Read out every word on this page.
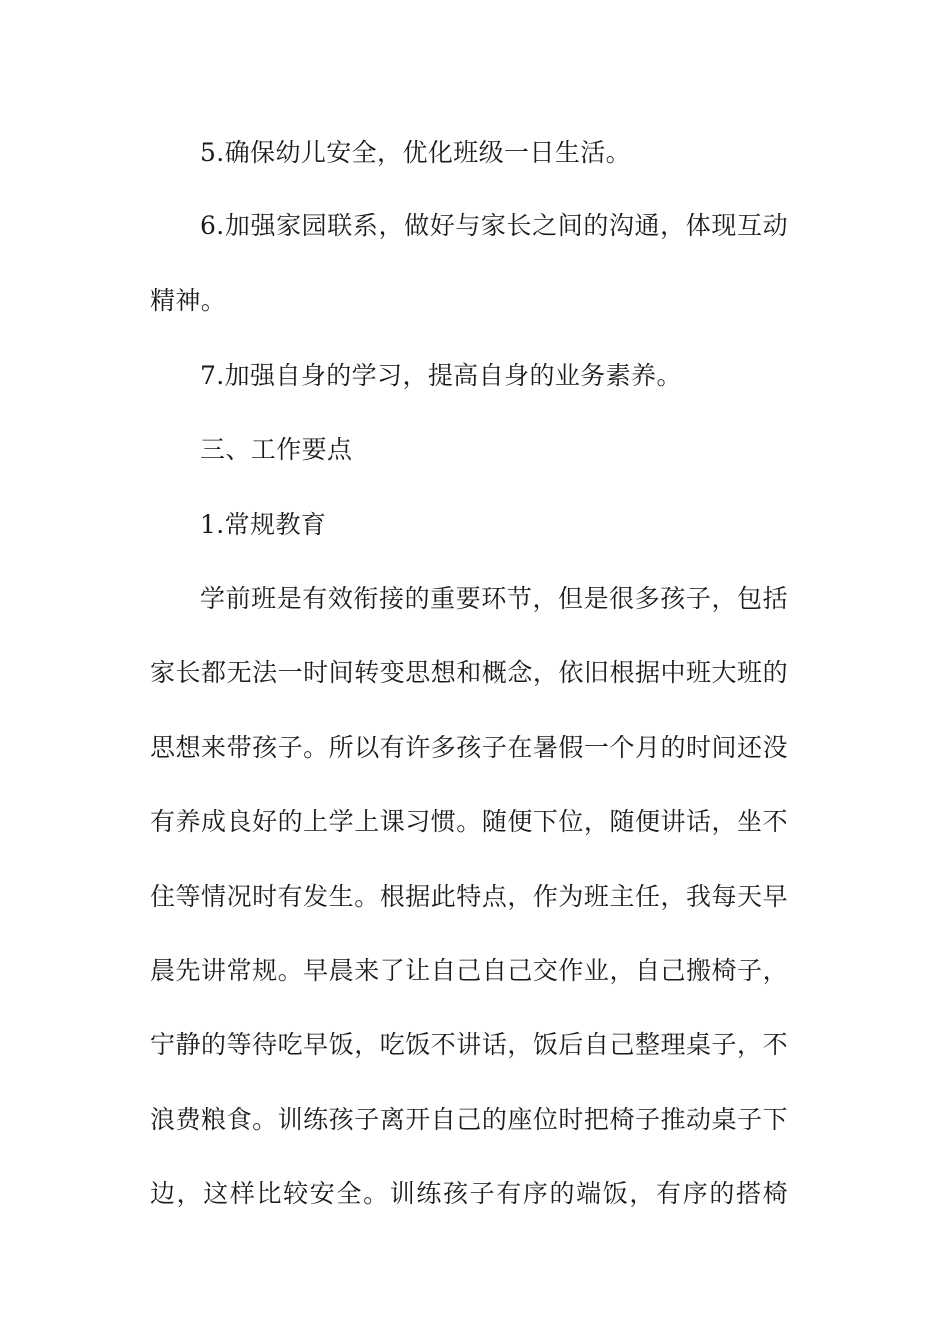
5.确保幼儿安全，优化班级一日生活。
6.加强家园联系，做好与家长之间的沟通，体现互动
精神。
7.加强自身的学习，提高自身的业务素养。
三、工作要点
1.常规教育
学前班是有效衔接的重要环节，但是很多孩子，包括
家长都无法一时间转变思想和概念，依旧根据中班大班的
思想来带孩子。所以有许多孩子在暑假一个月的时间还没
有养成良好的上学上课习惯。随便下位，随便讲话，坐不
住等情况时有发生。根据此特点，作为班主任，我每天早
晨先讲常规。早晨来了让自己自己交作业，自己搬椅子，
宁静的等待吃早饭，吃饭不讲话，饭后自己整理桌子，不
浪费粮食。训练孩子离开自己的座位时把椅子推动桌子下
边，这样比较安全。训练孩子有序的端饭，有序的搭椅
